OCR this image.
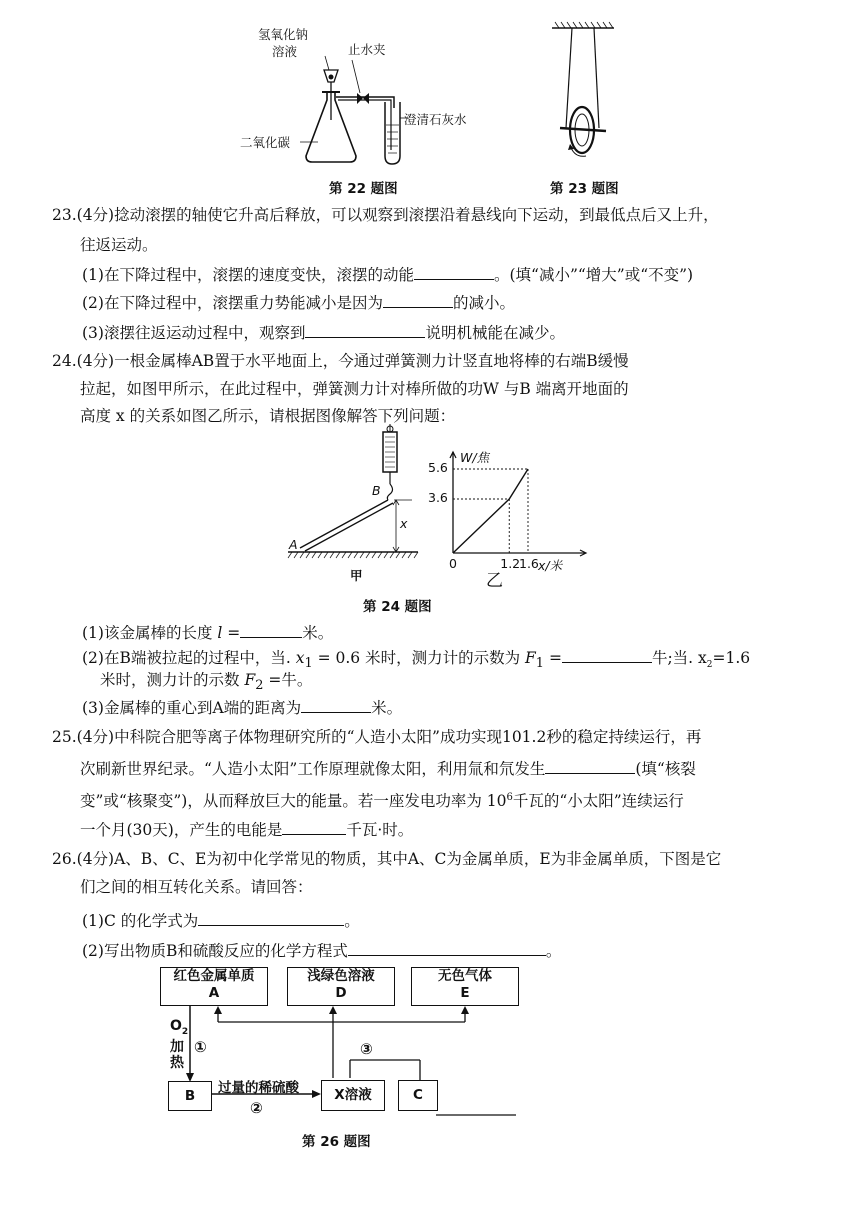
氢氧化钠
溶液	止水夹
二氧化碳
澄清石灰水
第 22 题图	第 23 题图
23.(4分)捻动滚摆的轴使它升高后释放，可以观察到滚摆沿着悬线向下运动，到最低点后又上升，
往返运动。
(1)在下降过程中，滚摆的速度变快，滚摆的动能	。(填“减小”“增大”或“不变”)
(2)在下降过程中，滚摆重力势能减小是因为	的减小。
(3)滚摆往返运动过程中，观察到	说明机械能在减少。
24.(4分)一根金属棒AB置于水平地面上，今通过弹簧测力计竖直地将棒的右端B缓慢
拉起，如图甲所示，在此过程中，弹簧测力计对棒所做的功W 与B 端离开地面的
高度 x 的关系如图乙所示，请根据图像解答下列问题：
B
A
x
甲
W/焦
3.6
5.6
0	1.2
1.6 x/米
乙
第 24 题图
(1)该金属棒的长度 l =	米。
(2)在B端被拉起的过程中，当. $x_1 = 0.6$ 米时，测力计的示数为 $F_1$ =	牛;当. $x_2=1.6$
米时，测力计的示数 $F_2$ =牛。
(3)金属棒的重心到A端的距离为	米。
25.(4分)中科院合肥等离子体物理研究所的“人造小太阳”成功实现101.2秒的稳定持续运行，再
次刷新世界纪录。“人造小太阳”工作原理就像太阳，利用氚和氘发生	(填“核裂
变”或“核聚变”)，从而释放巨大的能量。若一座发电功率为 $10^6$千瓦的“小太阳”连续运行
一个月(30天)，产生的电能是	千瓦·时。
26.(4分)A、B、C、E为初中化学常见的物质，其中A、C为金属单质，E为非金属单质，下图是它
们之间的相互转化关系。请回答：
(1)C 的化学式为	。
(2)写出物质B和硫酸反应的化学方程式	。
红色金属单质
A
浅绿色溶液
D
无色气体
E
B	X溶液	C
$O_2$
加
热
①
过量的稀硫酸
②
③
第 26 题图
